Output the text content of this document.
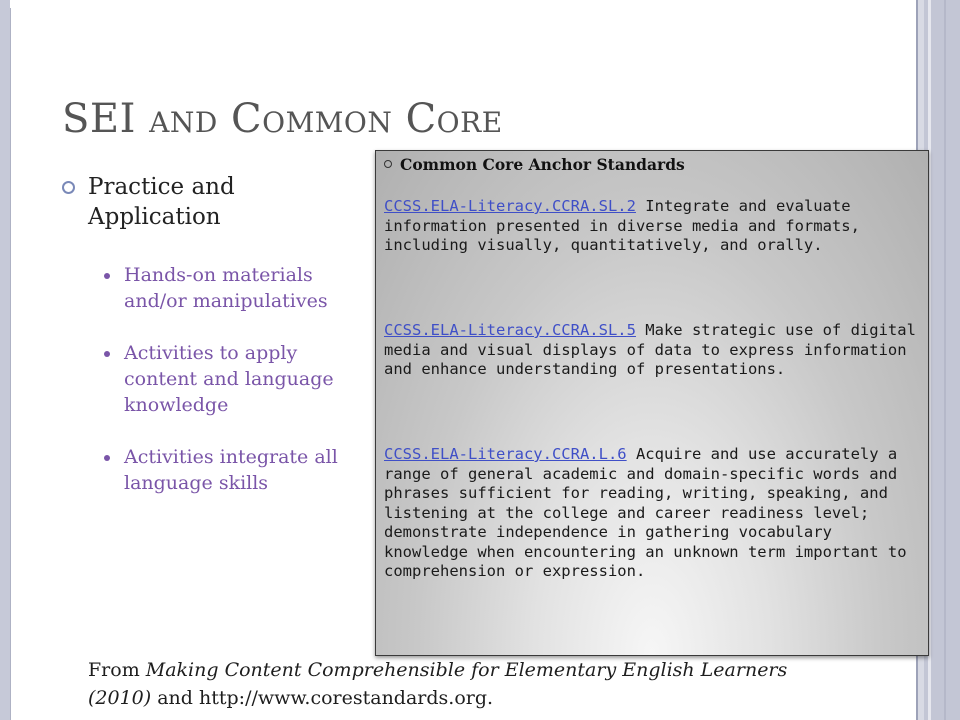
SEI and Common Core
Practice and Application
Hands-on materials and/or manipulatives
Activities to apply content and language knowledge
Activities integrate all language skills
Common Core Anchor Standards
CCSS.ELA-Literacy.CCRA.SL.2 Integrate and evaluate information presented in diverse media and formats, including visually, quantitatively, and orally.
CCSS.ELA-Literacy.CCRA.SL.5 Make strategic use of digital media and visual displays of data to express information and enhance understanding of presentations.
CCSS.ELA-Literacy.CCRA.L.6 Acquire and use accurately a range of general academic and domain-specific words and phrases sufficient for reading, writing, speaking, and listening at the college and career readiness level; demonstrate independence in gathering vocabulary knowledge when encountering an unknown term important to comprehension or expression.
From Making Content Comprehensible for Elementary English Learners (2010) and http://www.corestandards.org.
